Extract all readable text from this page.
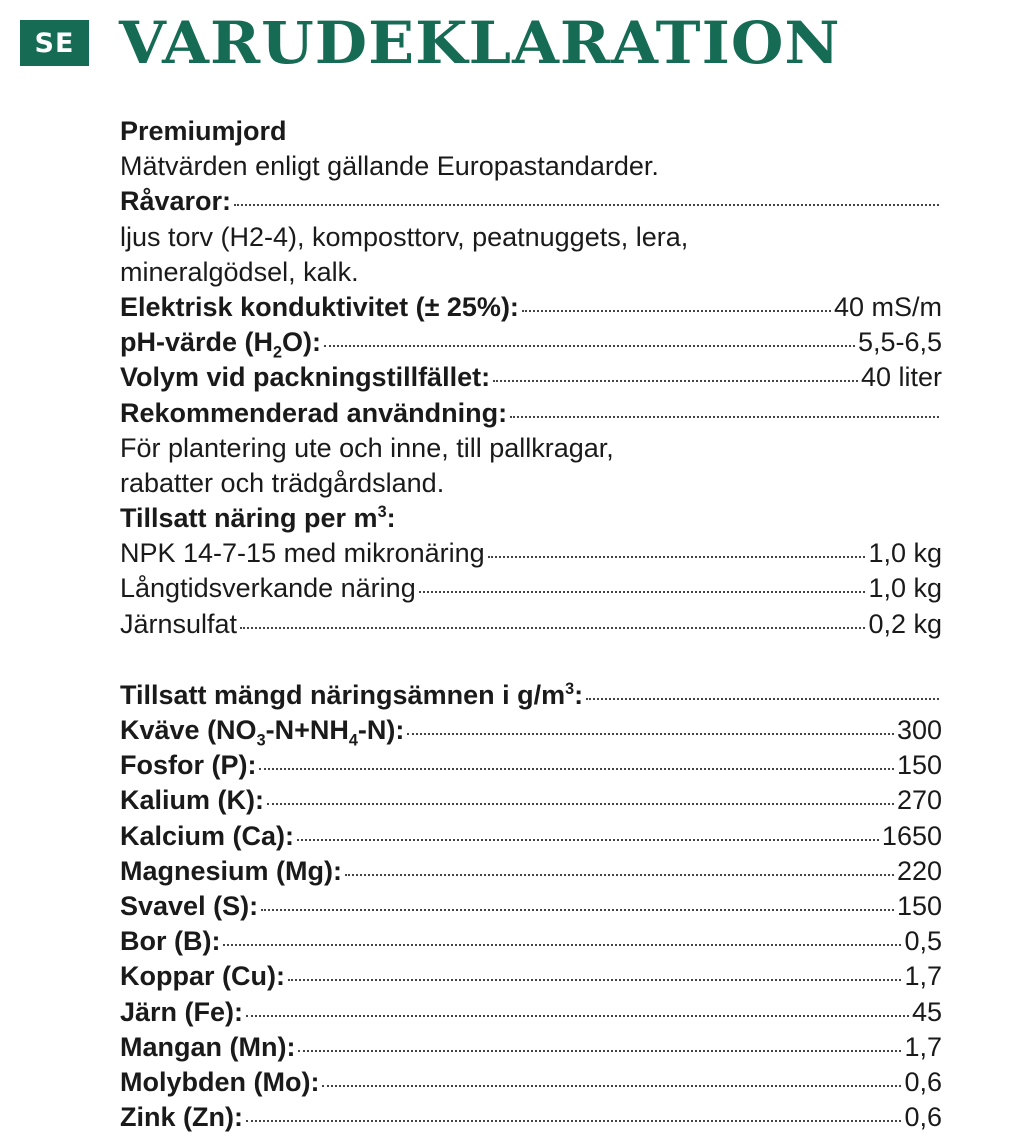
SE VARUDEKLARATION
Premiumjord
Mätvärden enligt gällande Europastandarder.
Råvaror:
ljus torv (H2-4), komposttorv, peatnuggets, lera,
mineralgödsel, kalk.
Elektrisk konduktivitet (± 25%):	40 mS/m
pH-värde $(H_2O)$:	5,5-6,5
Volym vid packningstillfället:	40 liter
Rekommenderad användning:
För plantering ute och inne, till pallkragar,
rabatter och trädgårdsland.
Tillsatt näring per $m^3$:
NPK 14-7-15 med mikronäring	1,0 kg
Långtidsverkande näring	1,0 kg
Järnsulfat	0,2 kg
Tillsatt mängd näringsämnen i $g/m^3$:
Kväve $(NO_3-N+NH_4-N)$:	300
Fosfor (P):	150
Kalium (K):	270
Kalcium (Ca):	1650
Magnesium (Mg):	220
Svavel (S):	150
Bor (B):	0,5
Koppar (Cu):	1,7
Järn (Fe):	45
Mangan (Mn):	1,7
Molybden (Mo):	0,6
Zink (Zn):	0,6
